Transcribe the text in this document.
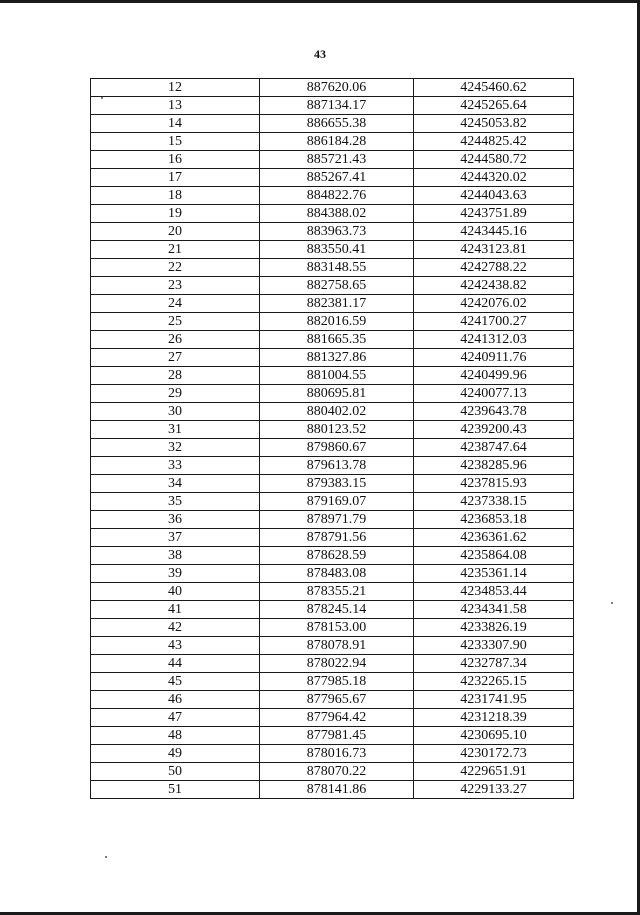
43
12	887620.06	4245460.62
13	887134.17	4245265.64
14	886655.38	4245053.82
15	886184.28	4244825.42
16	885721.43	4244580.72
17	885267.41	4244320.02
18	884822.76	4244043.63
19	884388.02	4243751.89
20	883963.73	4243445.16
21	883550.41	4243123.81
22	883148.55	4242788.22
23	882758.65	4242438.82
24	882381.17	4242076.02
25	882016.59	4241700.27
26	881665.35	4241312.03
27	881327.86	4240911.76
28	881004.55	4240499.96
29	880695.81	4240077.13
30	880402.02	4239643.78
31	880123.52	4239200.43
32	879860.67	4238747.64
33	879613.78	4238285.96
34	879383.15	4237815.93
35	879169.07	4237338.15
36	878971.79	4236853.18
37	878791.56	4236361.62
38	878628.59	4235864.08
39	878483.08	4235361.14
40	878355.21	4234853.44
41	878245.14	4234341.58
42	878153.00	4233826.19
43	878078.91	4233307.90
44	878022.94	4232787.34
45	877985.18	4232265.15
46	877965.67	4231741.95
47	877964.42	4231218.39
48	877981.45	4230695.10
49	878016.73	4230172.73
50	878070.22	4229651.91
51	878141.86	4229133.27
